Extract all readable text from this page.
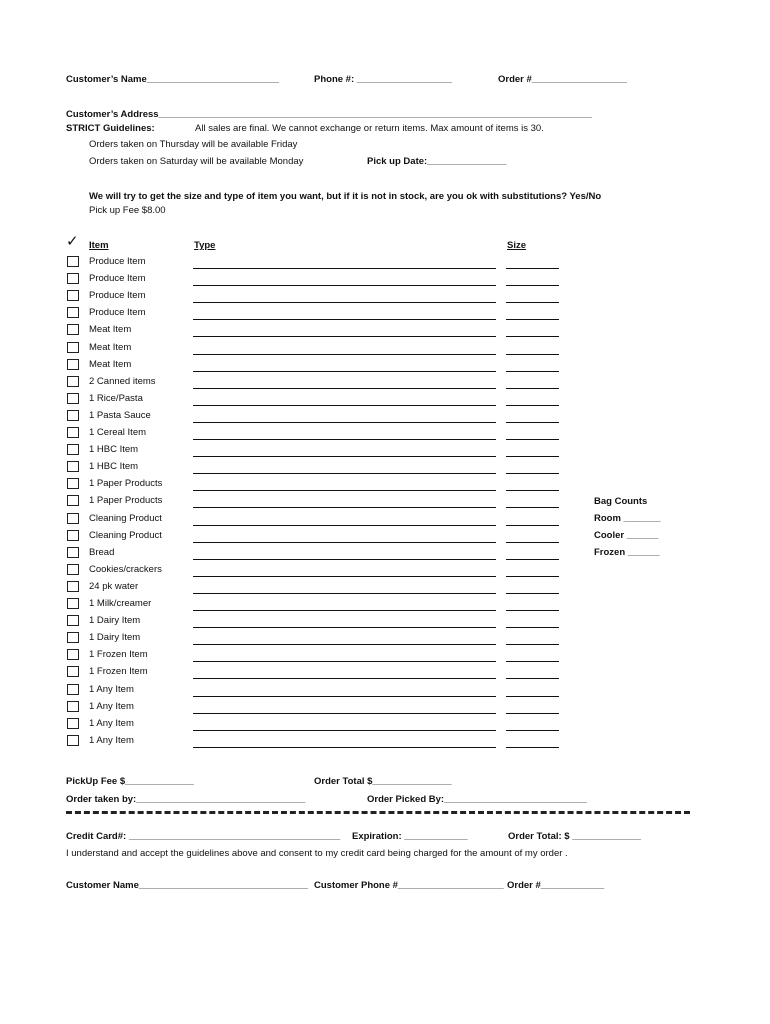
Customer’s Name_________________________	Phone #: __________________	Order #__________________
Customer’s Address__________________________________________________________________________________
STRICT Guidelines:	All sales are final. We cannot exchange or return items. Max amount of items is 30.
Orders taken on Thursday will be available Friday
Orders taken on Saturday will be available Monday	Pick up Date:_______________
We will try to get the size and type of item you want, but if it is not in stock, are you ok with substitutions? Yes/No
Pick up Fee $8.00
✓ Item	Type	Size
Produce Item
Produce Item
Produce Item
Produce Item
Meat Item
Meat Item
Meat Item
2 Canned items
1 Rice/Pasta
1 Pasta Sauce
1 Cereal Item
1 HBC Item
1 HBC Item
1 Paper Products
1 Paper Products
Cleaning Product
Cleaning Product
Bread
Cookies/crackers
24 pk water
1 Milk/creamer
1 Dairy Item
1 Dairy Item
1 Frozen Item
1 Frozen Item
1 Any Item
1 Any Item
1 Any Item
1 Any Item
Bag Counts
Room _______
Cooler ______
Frozen ______
PickUp Fee $_____________	Order Total $_______________
Order taken by:________________________________	Order Picked By:___________________________
Credit Card#: ________________________________________ Expiration: ____________	Order Total: $ _____________
I understand and accept the guidelines above and consent to my credit card being charged for the amount of my order .
Customer Name________________________________ Customer Phone #____________________ Order #____________
